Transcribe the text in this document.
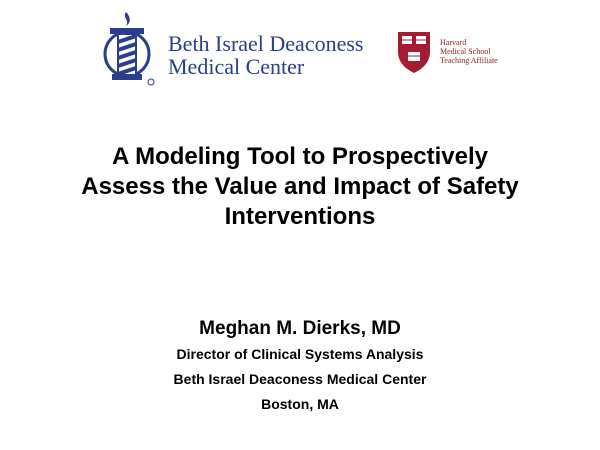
Beth Israel Deaconess
Medical Center
Harvard
Medical School
Teaching Affiliate
A Modeling Tool to Prospectively
Assess the Value and Impact of Safety
Interventions
Meghan M. Dierks, MD
Director of Clinical Systems Analysis
Beth Israel Deaconess Medical Center
Boston, MA
